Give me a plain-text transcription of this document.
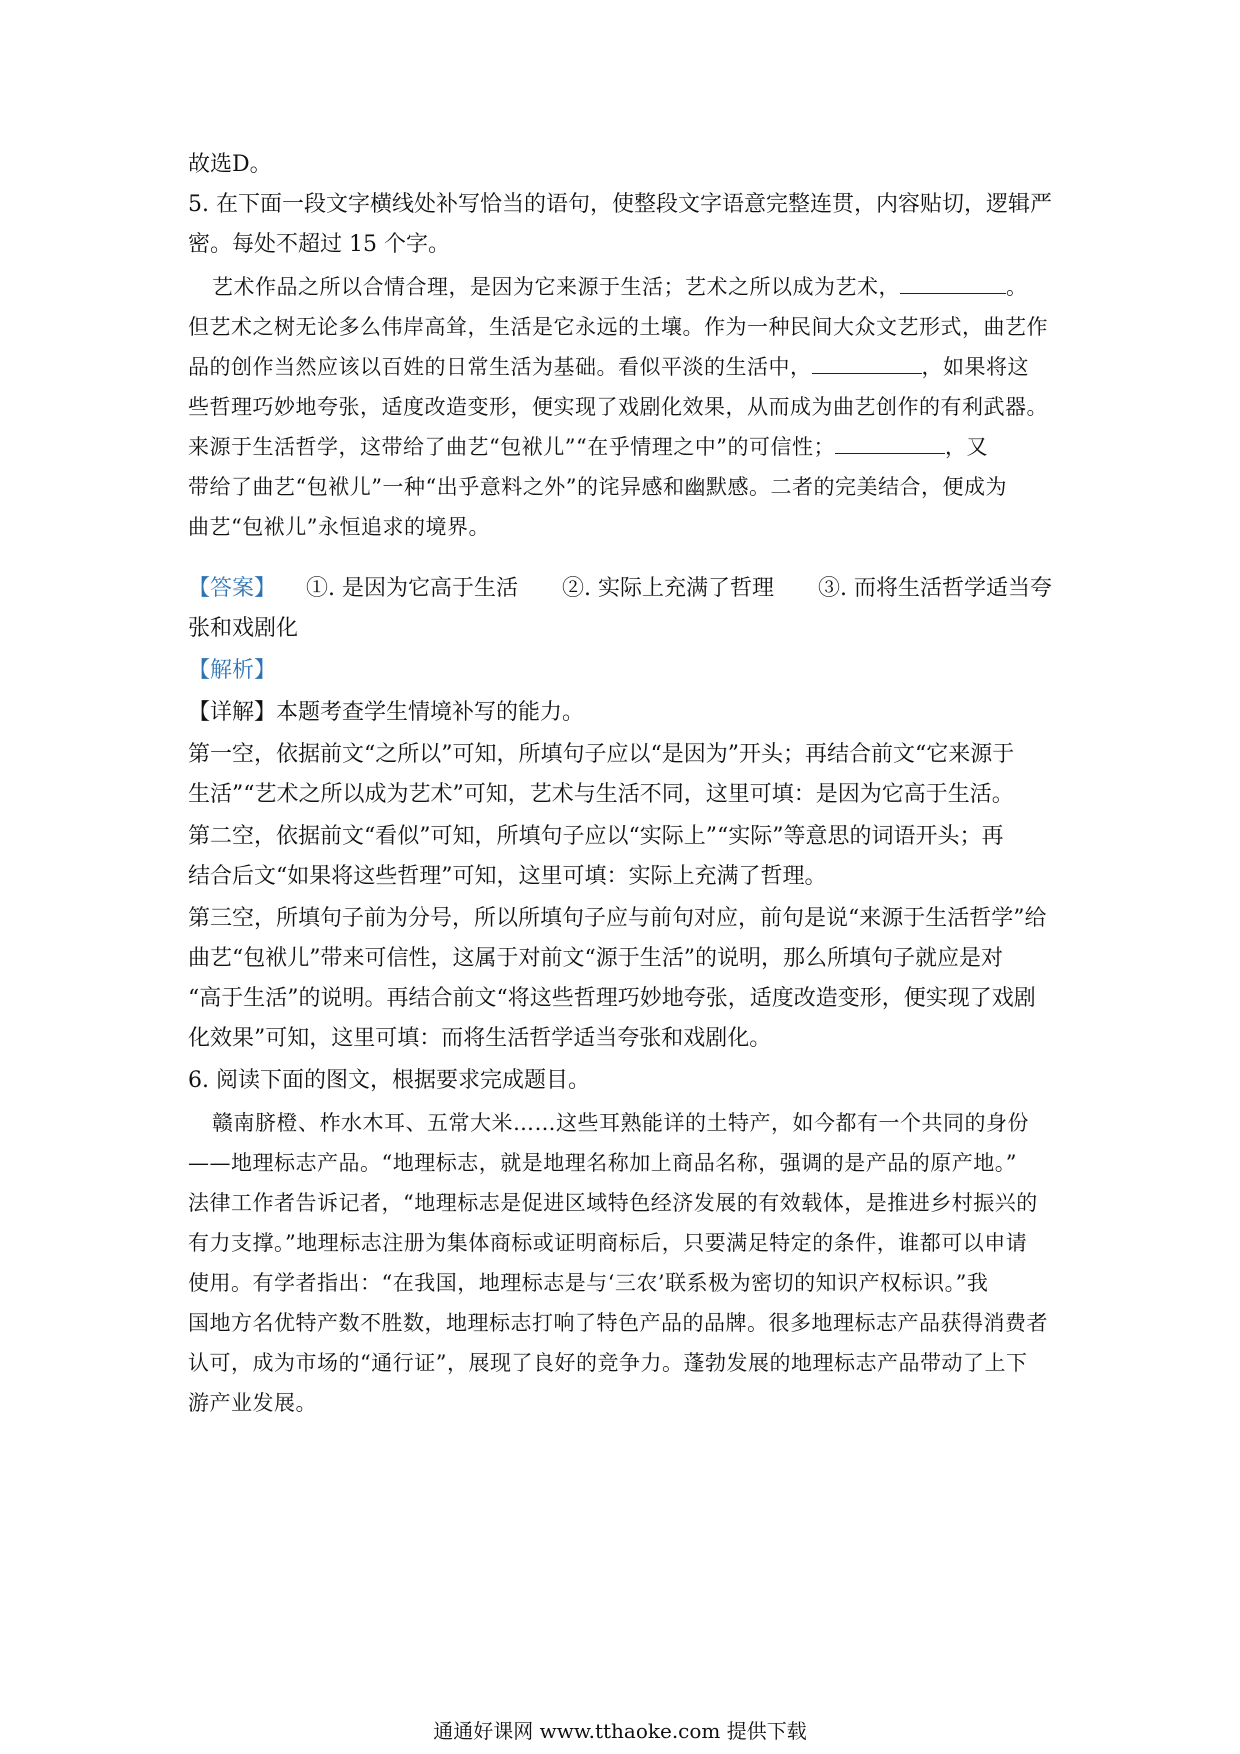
故选D。
5. 在下面一段文字横线处补写恰当的语句，使整段文字语意完整连贯，内容贴切，逻辑严
密。每处不超过 15 个字。
艺术作品之所以合情合理，是因为它来源于生活；艺术之所以成为艺术，	。
但艺术之树无论多么伟岸高耸，生活是它永远的土壤。作为一种民间大众文艺形式，曲艺作
品的创作当然应该以百姓的日常生活为基础。看似平淡的生活中，	，如果将这
些哲理巧妙地夸张，适度改造变形，便实现了戏剧化效果，从而成为曲艺创作的有利武器。
来源于生活哲学，这带给了曲艺“包袱儿”“在乎情理之中”的可信性；	，又
带给了曲艺“包袱儿”一种“出乎意料之外”的诧异感和幽默感。二者的完美结合，便成为
曲艺“包袱儿”永恒追求的境界。
【答案】 ①. 是因为它高于生活 ②. 实际上充满了哲理 ③. 而将生活哲学适当夸
张和戏剧化
【解析】
【详解】本题考查学生情境补写的能力。
第一空，依据前文“之所以”可知，所填句子应以“是因为”开头；再结合前文“它来源于
生活”“艺术之所以成为艺术”可知，艺术与生活不同，这里可填：是因为它高于生活。
第二空，依据前文“看似”可知，所填句子应以“实际上”“实际”等意思的词语开头；再
结合后文“如果将这些哲理”可知，这里可填：实际上充满了哲理。
第三空，所填句子前为分号，所以所填句子应与前句对应，前句是说“来源于生活哲学”给
曲艺“包袱儿”带来可信性，这属于对前文“源于生活”的说明，那么所填句子就应是对
“高于生活”的说明。再结合前文“将这些哲理巧妙地夸张，适度改造变形，便实现了戏剧
化效果”可知，这里可填：而将生活哲学适当夸张和戏剧化。
6. 阅读下面的图文，根据要求完成题目。
赣南脐橙、柞水木耳、五常大米……这些耳熟能详的土特产，如今都有一个共同的身份
——地理标志产品。“地理标志，就是地理名称加上商品名称，强调的是产品的原产地。”
法律工作者告诉记者，“地理标志是促进区域特色经济发展的有效载体，是推进乡村振兴的
有力支撑。”地理标志注册为集体商标或证明商标后，只要满足特定的条件，谁都可以申请
使用。有学者指出：“在我国，地理标志是与‘三农’联系极为密切的知识产权标识。”我
国地方名优特产数不胜数，地理标志打响了特色产品的品牌。很多地理标志产品获得消费者
认可，成为市场的“通行证”，展现了良好的竞争力。蓬勃发展的地理标志产品带动了上下
游产业发展。
通通好课网 www.tthaoke.com 提供下载
